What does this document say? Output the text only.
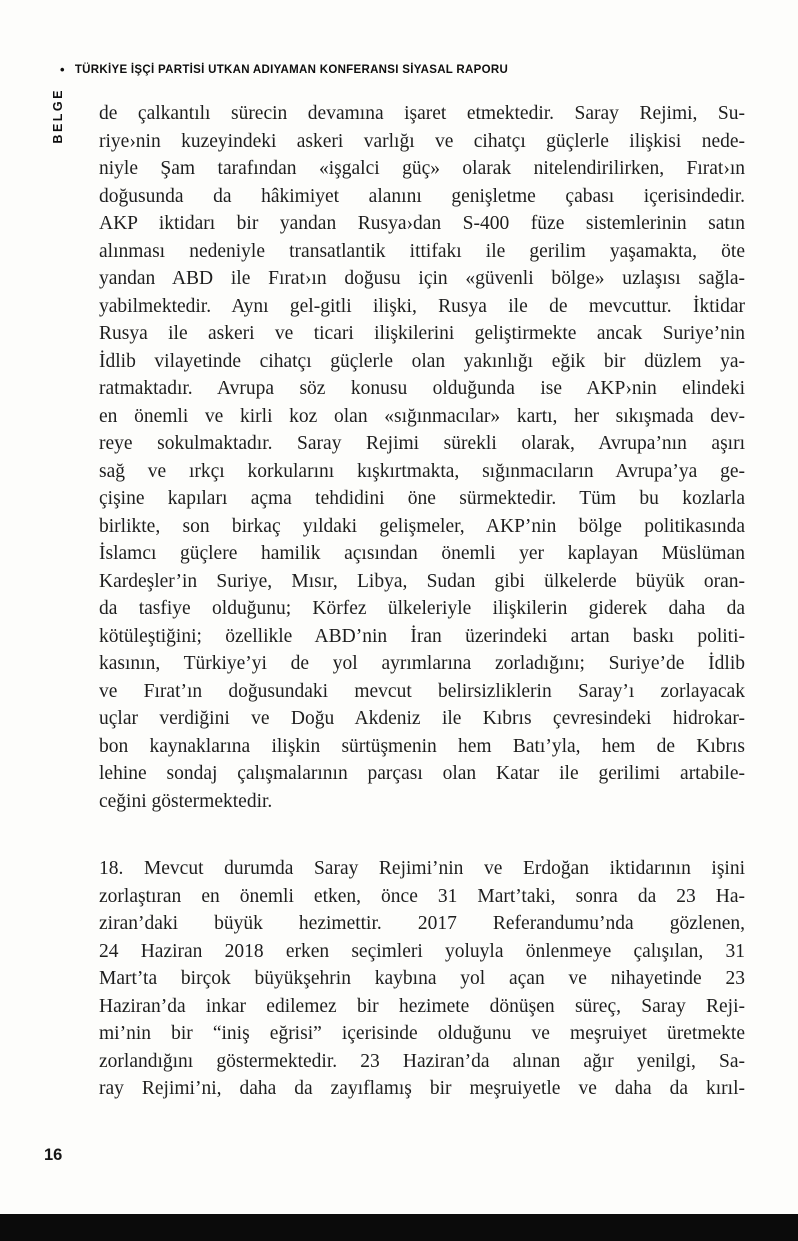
• TÜRKİYE İŞÇİ PARTİSİ UTKAN ADIYAMAN KONFERANSI SİYASAL RAPORU
BELGE de çalkantılı sürecin devamına işaret etmektedir. Saray Rejimi, Su-
riye›nin kuzeyindeki askeri varlığı ve cihatçı güçlerle ilişkisi nede-
niyle Şam tarafından «işgalci güç» olarak nitelendirilirken, Fırat›ın
doğusunda da hâkimiyet alanını genişletme çabası içerisindedir.
AKP iktidarı bir yandan Rusya›dan S-400 füze sistemlerinin satın
alınması nedeniyle transatlantik ittifakı ile gerilim yaşamakta, öte
yandan ABD ile Fırat›ın doğusu için «güvenli bölge» uzlaşısı sağla-
yabilmektedir. Aynı gel-gitli ilişki, Rusya ile de mevcuttur. İktidar
Rusya ile askeri ve ticari ilişkilerini geliştirmekte ancak Suriye’nin
İdlib vilayetinde cihatçı güçlerle olan yakınlığı eğik bir düzlem ya-
ratmaktadır. Avrupa söz konusu olduğunda ise AKP›nin elindeki
en önemli ve kirli koz olan «sığınmacılar» kartı, her sıkışmada dev-
reye sokulmaktadır. Saray Rejimi sürekli olarak, Avrupa’nın aşırı
sağ ve ırkçı korkularını kışkırtmakta, sığınmacıların Avrupa’ya ge-
çişine kapıları açma tehdidini öne sürmektedir. Tüm bu kozlarla
birlikte, son birkaç yıldaki gelişmeler, AKP’nin bölge politikasında
İslamcı güçlere hamilik açısından önemli yer kaplayan Müslüman
Kardeşler’in Suriye, Mısır, Libya, Sudan gibi ülkelerde büyük oran-
da tasfiye olduğunu; Körfez ülkeleriyle ilişkilerin giderek daha da
kötüleştiğini; özellikle ABD’nin İran üzerindeki artan baskı politi-
kasının, Türkiye’yi de yol ayrımlarına zorladığını; Suriye’de İdlib
ve Fırat’ın doğusundaki mevcut belirsizliklerin Saray’ı zorlayacak
uçlar verdiğini ve Doğu Akdeniz ile Kıbrıs çevresindeki hidrokar-
bon kaynaklarına ilişkin sürtüşmenin hem Batı’yla, hem de Kıbrıs
lehine sondaj çalışmalarının parçası olan Katar ile gerilimi artabile-
ceğini göstermektedir.
18. Mevcut durumda Saray Rejimi’nin ve Erdoğan iktidarının işini
zorlaştıran en önemli etken, önce 31 Mart’taki, sonra da 23 Ha-
ziran’daki büyük hezimettir. 2017 Referandumu’nda gözlenen,
24 Haziran 2018 erken seçimleri yoluyla önlenmeye çalışılan, 31
Mart’ta birçok büyükşehrin kaybına yol açan ve nihayetinde 23
Haziran’da inkar edilemez bir hezimete dönüşen süreç, Saray Reji-
mi’nin bir “iniş eğrisi” içerisinde olduğunu ve meşruiyet üretmekte
zorlandığını göstermektedir. 23 Haziran’da alınan ağır yenilgi, Sa-
ray Rejimi’ni, daha da zayıflamış bir meşruiyetle ve daha da kırıl-
16
